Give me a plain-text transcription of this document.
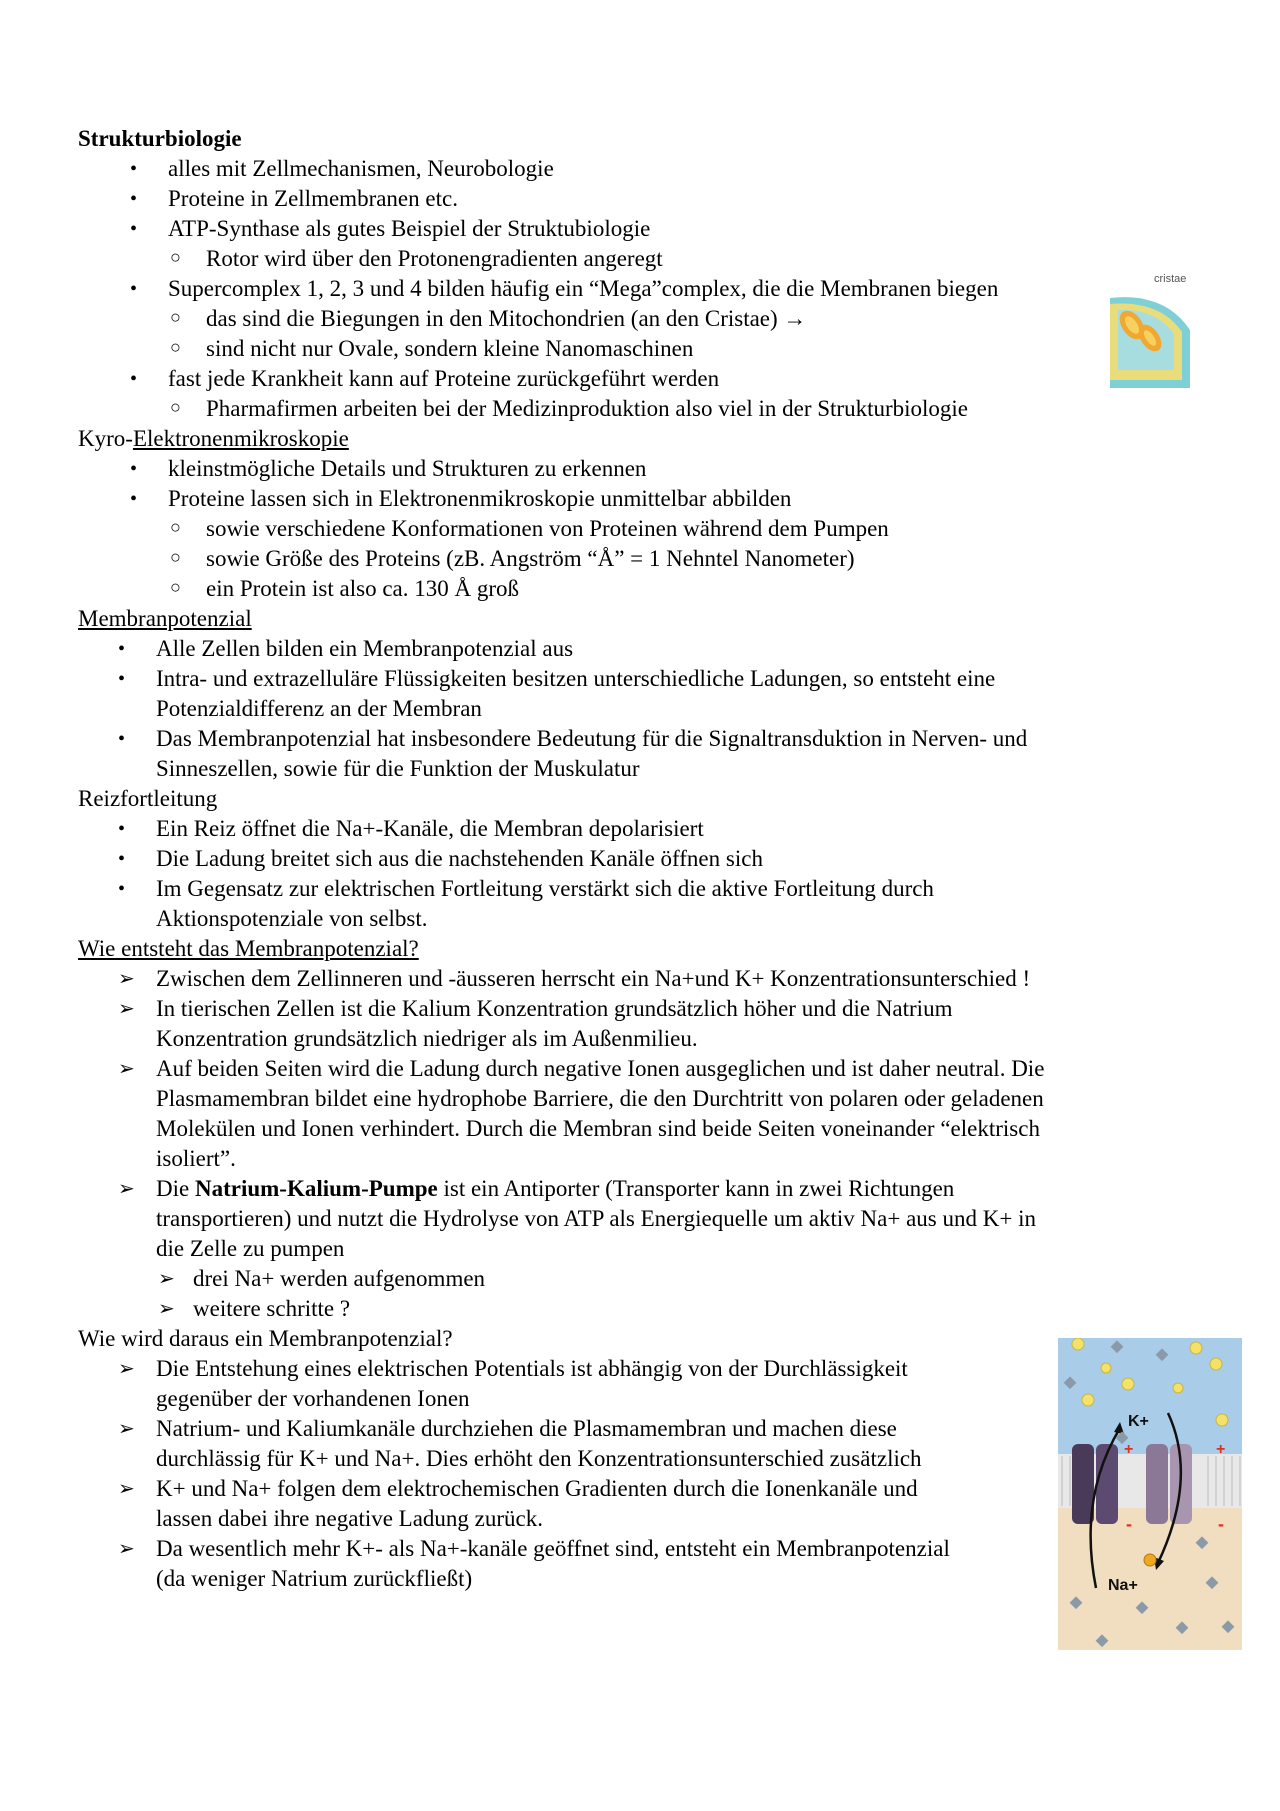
Strukturbiologie
• alles mit Zellmechanismen, Neurobologie
• Proteine in Zellmembranen etc.
• ATP-Synthase als gutes Beispiel der Struktubiologie
○ Rotor wird über den Protonengradienten angeregt
• Supercomplex 1, 2, 3 und 4 bilden häufig ein “Mega”complex, die die Membranen biegen
○ das sind die Biegungen in den Mitochondrien (an den Cristae) →
○ sind nicht nur Ovale, sondern kleine Nanomaschinen
• fast jede Krankheit kann auf Proteine zurückgeführt werden
○ Pharmafirmen arbeiten bei der Medizinproduktion also viel in der Strukturbiologie
Kyro-Elektronenmikroskopie
• kleinstmögliche Details und Strukturen zu erkennen
• Proteine lassen sich in Elektronenmikroskopie unmittelbar abbilden
○ sowie verschiedene Konformationen von Proteinen während dem Pumpen
○ sowie Größe des Proteins (zB. Angström “Å” = 1 Nehntel Nanometer)
○ ein Protein ist also ca. 130 Å groß
Membranpotenzial
• Alle Zellen bilden ein Membranpotenzial aus
• Intra- und extrazelluläre Flüssigkeiten besitzen unterschiedliche Ladungen, so entsteht eine
Potenzialdifferenz an der Membran
• Das Membranpotenzial hat insbesondere Bedeutung für die Signaltransduktion in Nerven- und
Sinneszellen, sowie für die Funktion der Muskulatur
Reizfortleitung
• Ein Reiz öffnet die Na+-Kanäle, die Membran depolarisiert
• Die Ladung breitet sich aus die nachstehenden Kanäle öffnen sich
• Im Gegensatz zur elektrischen Fortleitung verstärkt sich die aktive Fortleitung durch
Aktionspotenziale von selbst.
Wie entsteht das Membranpotenzial?
➢ Zwischen dem Zellinneren und -äusseren herrscht ein Na+und K+ Konzentrationsunterschied !
➢ In tierischen Zellen ist die Kalium Konzentration grundsätzlich höher und die Natrium
Konzentration grundsätzlich niedriger als im Außenmilieu.
➢ Auf beiden Seiten wird die Ladung durch negative Ionen ausgeglichen und ist daher neutral. Die
Plasmamembran bildet eine hydrophobe Barriere, die den Durchtritt von polaren oder geladenen
Molekülen und Ionen verhindert. Durch die Membran sind beide Seiten voneinander “elektrisch
isoliert”.
➢ Die Natrium-Kalium-Pumpe ist ein Antiporter (Transporter kann in zwei Richtungen
transportieren) und nutzt die Hydrolyse von ATP als Energiequelle um aktiv Na+ aus und K+ in
die Zelle zu pumpen
➢ drei Na+ werden aufgenommen
➢ weitere schritte ?
Wie wird daraus ein Membranpotenzial?
➢ Die Entstehung eines elektrischen Potentials ist abhängig von der Durchlässigkeit
gegenüber der vorhandenen Ionen
➢ Natrium- und Kaliumkanäle durchziehen die Plasmamembran und machen diese
durchlässig für K+ und Na+. Dies erhöht den Konzentrationsunterschied zusätzlich
➢ K+ und Na+ folgen dem elektrochemischen Gradienten durch die Ionenkanäle und
lassen dabei ihre negative Ladung zurück.
➢ Da wesentlich mehr K+- als Na+-kanäle geöffnet sind, entsteht ein Membranpotenzial
(da weniger Natrium zurückfließt)
cristae
K+
Na+
+	+
-	-
